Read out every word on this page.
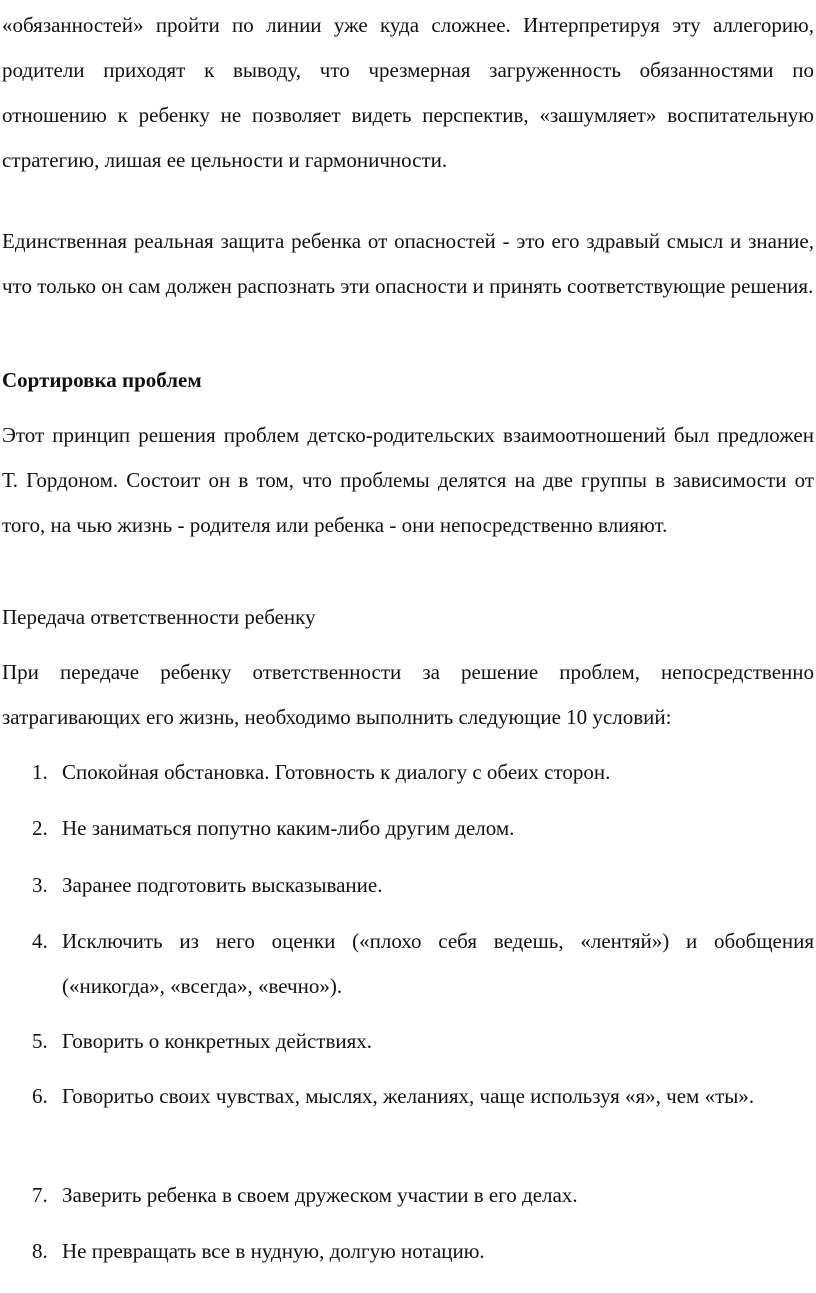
«обязанностей» пройти по линии уже куда сложнее. Интерпретируя эту аллегорию, родители приходят к выводу, что чрезмерная загруженность обязанностями по отношению к ребенку не позволяет видеть перспектив, «зашумляет» воспитательную стратегию, лишая ее цельности и гармоничности.

Единственная реальная защита ребенка от опасностей - это его здравый смысл и знание, что только он сам должен распознать эти опасности и принять соответствующие решения.

Сортировка проблем

Этот принцип решения проблем детско-родительских взаимоотношений был предложен Т. Гордоном. Состоит он в том, что проблемы делятся на две группы в зависимости от того, на чью жизнь - родителя или ребенка - они непосредственно влияют.

Передача ответственности ребенку

При передаче ребенку ответственности за решение проблем, непосредственно затрагивающих его жизнь, необходимо выполнить следующие 10 условий:

1. Спокойная обстановка. Готовность к диалогу с обеих сторон.
2. Не заниматься попутно каким-либо другим делом.
3. Заранее подготовить высказывание.
4. Исключить из него оценки («плохо себя ведешь, «лентяй») и обобщения («никогда», «всегда», «вечно»).
5. Говорить о конкретных действиях.
6. Говоритьо своих чувствах, мыслях, желаниях, чаще используя «я», чем «ты».
7. Заверить ребенка в своем дружеском участии в его делах.
8. Не превращать все в нудную, долгую нотацию.
